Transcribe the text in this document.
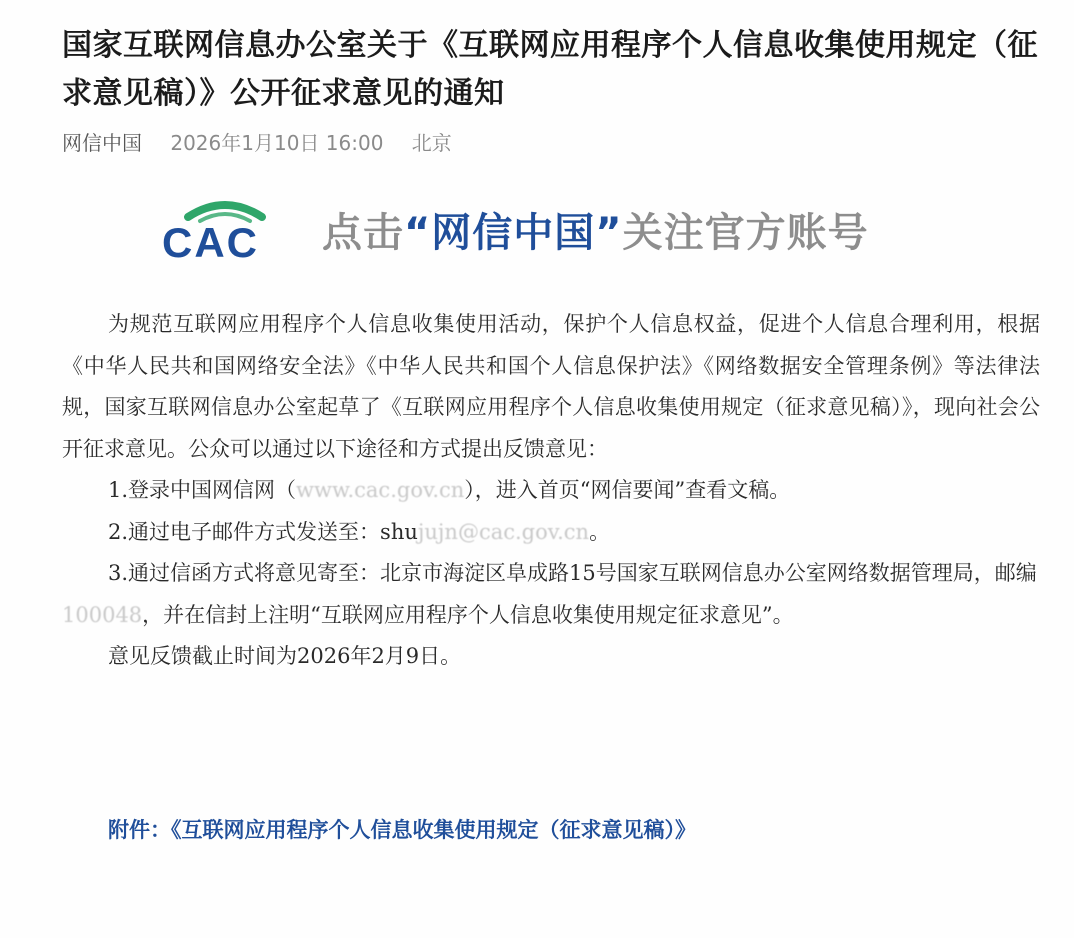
国家互联网信息办公室关于《互联网应用程序个人信息收集使用规定（征求意见稿）》公开征求意见的通知
网信中国 2026年1月10日 16:00 北京
CAC 点击“网信中国”关注官方账号

为规范互联网应用程序个人信息收集使用活动，保护个人信息权益，促进个人信息合理利用，根据《中华人民共和国网络安全法》《中华人民共和国个人信息保护法》《网络数据安全管理条例》等法律法规，国家互联网信息办公室起草了《互联网应用程序个人信息收集使用规定（征求意见稿）》，现向社会公开征求意见。公众可以通过以下途径和方式提出反馈意见：

1.登录中国网信网（www.cac.gov.cn），进入首页“网信要闻”查看文稿。

2.通过电子邮件方式发送至：shujujn@cac.gov.cn。

3.通过信函方式将意见寄至：北京市海淀区阜成路15号国家互联网信息办公室网络数据管理局，邮编100048，并在信封上注明“互联网应用程序个人信息收集使用规定征求意见”。

意见反馈截止时间为2026年2月9日。

附件：《互联网应用程序个人信息收集使用规定（征求意见稿）》
